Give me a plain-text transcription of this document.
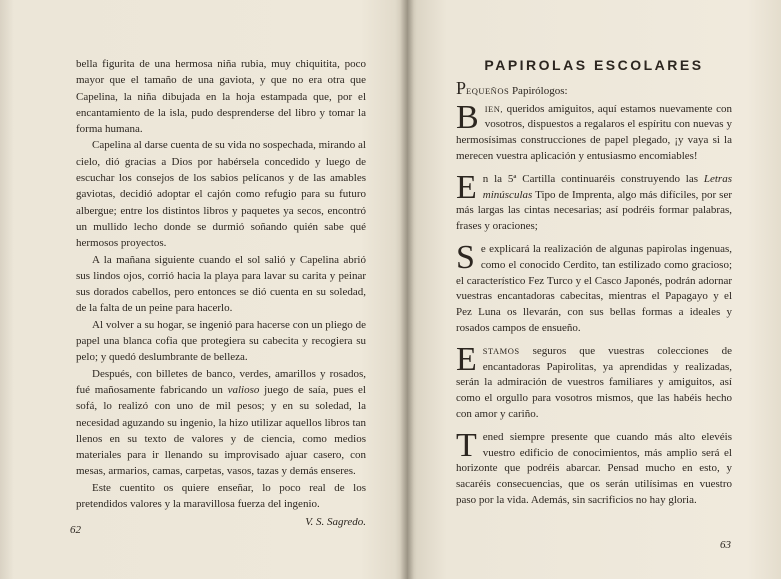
bella figurita de una hermosa niña rubia, muy chiquitita, poco mayor que el tamaño de una gaviota, y que no era otra que Capelina, la niña dibujada en la hoja estampada que, por el encantamiento de la isla, pudo desprenderse del libro y tomar la forma humana.

Capelina al darse cuenta de su vida no sospechada, mirando al cielo, dió gracias a Dios por habérsela concedido y luego de escuchar los consejos de los sabios pelícanos y de las amables gaviotas, decidió adoptar el cajón como refugio para su futuro albergue; entre los distintos libros y paquetes ya secos, encontró un mullido lecho donde se durmió soñando quién sabe qué hermosos proyectos.

A la mañana siguiente cuando el sol salió y Capelina abrió sus lindos ojos, corrió hacia la playa para lavar su carita y peinar sus dorados cabellos, pero entonces se dió cuenta en su soledad, de la falta de un peine para hacerlo.

Al volver a su hogar, se ingenió para hacerse con un pliego de papel una blanca cofia que protegiera su cabecita y recogiera su pelo; y quedó deslumbrante de belleza.

Después, con billetes de banco, verdes, amarillos y rosados, fué mañosamente fabricando un valioso juego de saía, pues el sofá, lo realizó con uno de mil pesos; y en su soledad, la necesidad aguzando su ingenio, la hizo utilizar aquellos libros tan llenos en su texto de valores y de ciencia, como medios materiales para ir llenando su improvisado ajuar casero, con mesas, armarios, camas, carpetas, vasos, tazas y demás enseres.

Este cuentito os quiere enseñar, lo poco real de los pretendidos valores y la maravillosa fuerza del ingenio.

V. S. Sagredo.
62
PAPIROLAS ESCOLARES
PEQUEÑOS Papirólogos:
BIEN, queridos amiguitos, aquí estamos nuevamente con vosotros, dispuestos a regalaros el espíritu con nuevas y hermosísimas construcciones de papel plegado, ¡y vaya si la merecen vuestra aplicación y entusiasmo encomiables!
En la 5ª Cartilla continuaréis construyendo las Letras minúsculas Tipo de Imprenta, algo más difíciles, por ser más largas las cintas necesarias; así podréis formar palabras, frases y oraciones;
Se explicará la realización de algunas papirolas ingenuas, como el conocido Cerdito, tan estilizado como gracioso; el característico Fez Turco y el Casco Japonés, podrán adornar vuestras encantadoras cabecitas, mientras el Papagayo y el Pez Luna os llevarán, con sus bellas formas a ideales y rosados campos de ensueño.
ESTAMOS seguros que vuestras colecciones de encantadoras Papirolitas, ya aprendidas y realizadas, serán la admiración de vuestros familiares y amiguitos, así como el orgullo para vosotros mismos, que las habéis hecho con amor y cariño.
Tened siempre presente que cuando más alto elevéis vuestro edificio de conocimientos, más amplio será el horizonte que podréis abarcar. Pensad mucho en esto, y sacaréis consecuencias, que os serán utilísimas en vuestro paso por la vida. Además, sin sacrificios no hay gloria.
63
